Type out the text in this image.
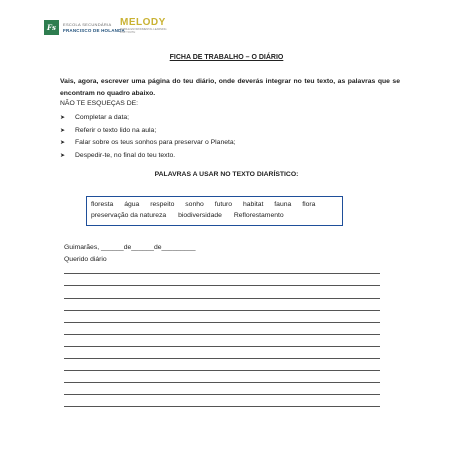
Fs	ESCOLA SECUNDÁRIA
FRANCISCO DE HOLANDA
MELODY
MOBILE ENVIRONMENTAL LEARNING
FOR YOUTH
FICHA DE TRABALHO – O DIÁRIO
Vais, agora, escrever uma página do teu diário, onde deverás integrar no teu texto, as palavras que se encontram no quadro abaixo.
NÃO TE ESQUEÇAS DE:
➤	Completar a data;
➤	Referir o texto lido na aula;
➤	Falar sobre os teus sonhos para preservar o Planeta;
➤	Despedir-te, no final do teu texto.
PALAVRAS A USAR NO TEXTO DIARÍSTICO:
floresta água respeito sonho futuro habitat fauna flora
preservação da natureza biodiversidade Reflorestamento
Guimarães, ______de______de_________
Querido diário
